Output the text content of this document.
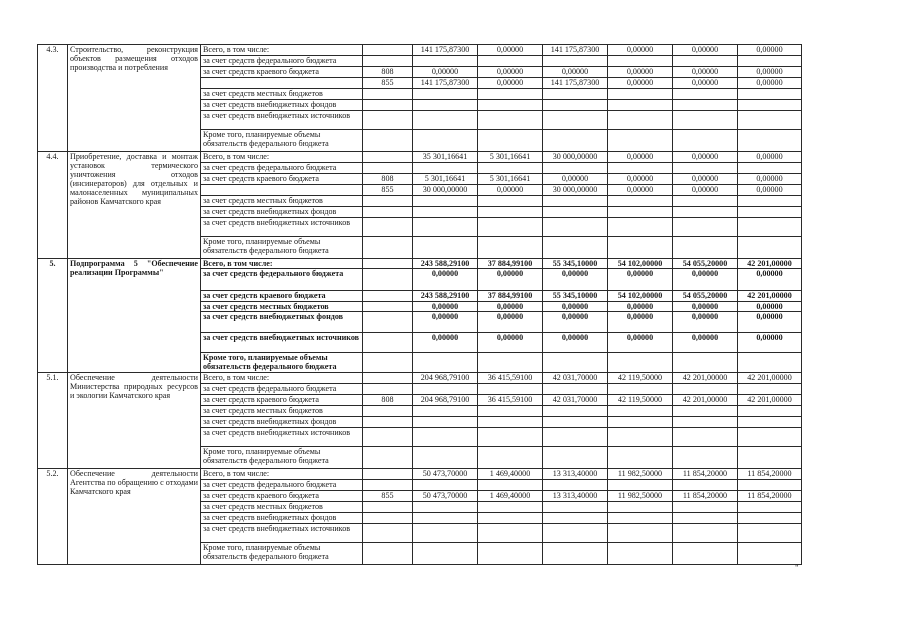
4.3.	Строительство, реконструкция объектов размещения отходов производства и потребления	Всего, в том числе:		141 175,87300	0,00000	141 175,87300	0,00000	0,00000	0,00000
		за счет средств федерального бюджета							
		за счет средств краевого бюджета	808	0,00000	0,00000	0,00000	0,00000	0,00000	0,00000
			855	141 175,87300	0,00000	141 175,87300	0,00000	0,00000	0,00000
		за счет средств местных бюджетов							
		за счет средств внебюджетных фондов							
		за счет средств внебюджетных источников							
		Кроме того, планируемые объемы обязательств федерального бюджета							
4.4.	Приобретение, доставка и монтаж установок термического уничтожения отходов (инсинераторов) для отдельных и малонаселенных муниципальных районов Камчатского края	Всего, в том числе:		35 301,16641	5 301,16641	30 000,00000	0,00000	0,00000	0,00000
		за счет средств федерального бюджета							
		за счет средств краевого бюджета	808	5 301,16641	5 301,16641	0,00000	0,00000	0,00000	0,00000
			855	30 000,00000	0,00000	30 000,00000	0,00000	0,00000	0,00000
		за счет средств местных бюджетов							
		за счет средств внебюджетных фондов							
		за счет средств внебюджетных источников							
		Кроме того, планируемые объемы обязательств федерального бюджета							
5.	Подпрограмма 5 "Обеспечение реализации Программы"	Всего, в том числе:		243 588,29100	37 884,99100	55 345,10000	54 102,00000	54 055,20000	42 201,00000
		за счет средств федерального бюджета		0,00000	0,00000	0,00000	0,00000	0,00000	0,00000
		за счет средств краевого бюджета		243 588,29100	37 884,99100	55 345,10000	54 102,00000	54 055,20000	42 201,00000
		за счет средств местных бюджетов		0,00000	0,00000	0,00000	0,00000	0,00000	0,00000
		за счет средств внебюджетных фондов		0,00000	0,00000	0,00000	0,00000	0,00000	0,00000
		за счет средств внебюджетных источников		0,00000	0,00000	0,00000	0,00000	0,00000	0,00000
		Кроме того, планируемые объемы обязательств федерального бюджета							
5.1.	Обеспечение деятельности Министерства природных ресурсов и экологии Камчатского края	Всего, в том числе:		204 968,79100	36 415,59100	42 031,70000	42 119,50000	42 201,00000	42 201,00000
		за счет средств федерального бюджета							
		за счет средств краевого бюджета	808	204 968,79100	36 415,59100	42 031,70000	42 119,50000	42 201,00000	42 201,00000
		за счет средств местных бюджетов							
		за счет средств внебюджетных фондов							
		за счет средств внебюджетных источников							
		Кроме того, планируемые объемы обязательств федерального бюджета							
5.2.	Обеспечение деятельности Агентства по обращению с отходами Камчатского края	Всего, в том числе:		50 473,70000	1 469,40000	13 313,40000	11 982,50000	11 854,20000	11 854,20000
		за счет средств федерального бюджета							
		за счет средств краевого бюджета	855	50 473,70000	1 469,40000	13 313,40000	11 982,50000	11 854,20000	11 854,20000
		за счет средств местных бюджетов							
		за счет средств внебюджетных фондов							
		за счет средств внебюджетных источников							
		Кроме того, планируемые объемы обязательств федерального бюджета							
"
